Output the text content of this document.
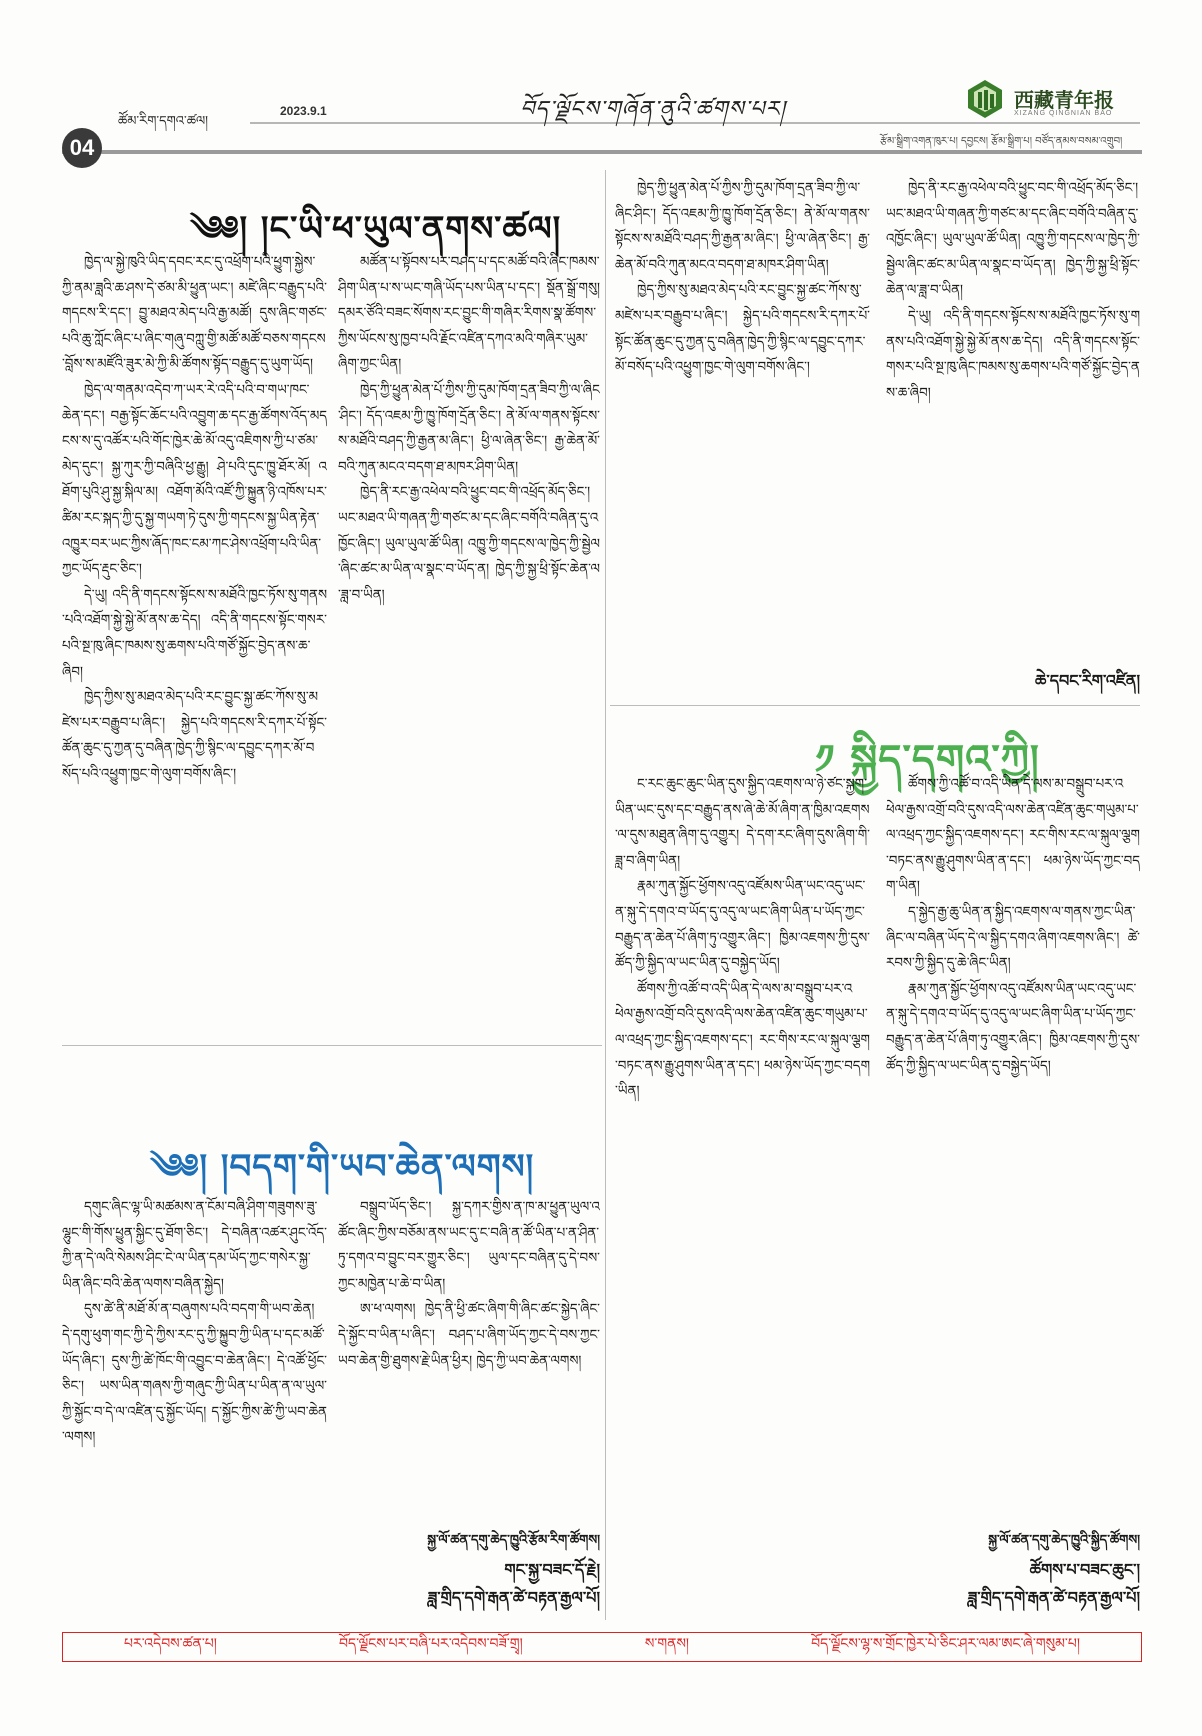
04
ཚོམ་རིག་དགའ་ཚལ།
2023.9.1	བོད་ལྗོངས་གཞོན་ནུའི་ཚགས་པར།	西藏青年报
XIZANG QINGNIAN BAO
རྩོམ་སྒྲིག་འགན་ཁུར་པ། དབྱངས། རྩོམ་སྒྲིག་པ། བཙོད་ནམས་བསམ་འགྲུབ།
༄༅། །ང་ཡི་ཕ་ཡུལ་ནགས་ཚལ།

ཁྱེད་ལ་སྐྱེ་ཁུའི་ཡིད་དབང་རང་དུ་འཕྲོག་པའི་ཕྱུག་སྐྱེས་ཀྱི་ནམ་ཟླའི་ཆ་ཤས་དེ་ཙམ་མི་ཕྱུན་ཡང་། མཛེ་ཞིང་བརྒྱུད་པའི་གདངས་རི་དང་། བྱུ་མཐའ་མེད་པའི་རྒྱ་མཚོ། དུས་ཞིང་གཙང་པའི་ཆུ་ཀློང་ཞིང་པ་ཞིང་གཞུ་བཀླུ་གྱི་མཚོ་མཚོ་བཅས་གདངས་བློས་ས་མཛོའི་ཟུར་མེ་ཀྱི་མི་ཚོགས་སྟོད་བརྒྱུད་དུ་ཡུག་ཡོད།

ཁྱེད་ལ་གནམ་འདེབ་ཀ་ཡར་རེ་འདི་པའི་བ་གཡ་ཁང་ཆེན་དང་། བརྒྱ་སྟོང་ཆོང་པའི་འབྱུག་ཆ་དང་རྒྱ་ཚོགས་འོད་མདངས་ས་དུ་འཚོར་པའི་གོང་ཁྱེར་ཆེ་མོ་འདུ་འཇིགས་ཀྱི་པ་ཙམ་མེད་དུང་། སྐྱ་ཀུར་ཀྱི་བཞིའི་ཕྱ་རྒྱུ། ཤེ་པའི་དུང་ཁྱུ་ཐོར་མོ། འཐོག་པུའི་ཤུ་སྐྱ་སྐིལ་མ། འཐོག་མོའི་འཛོ་ཀྱི་སྐྱུན་ཉི་འཁོས་པར་ཚིམ་རང་སྐད་ཀྱི་དུ་སྐྱ་གཡག་ཏེ་དུས་ཀྱི་གདངས་སྐྱ་ཡིན་རྟེན་འཁྱུར་བར་ཡང་ཀྱིས་ཞོད་ཁང་ངམ་ཀང་ཤེས་འཕྲོག་པའི་ཡིན་ཀྱང་ཡོད་རྡུང་ཅིང་།

དེ་ཡུ། འདི་ནི་གདངས་སྟོངས་ས་མཐོའི་ཁྱང་ཏོས་སུ་གནས་པའི་འཐོག་སྐྱེ་སྐྱེ་མོ་ནས་ཆ་དེད། འདི་ནི་གདངས་སྟོང་གསར་པའི་སྔ་ཁུ་ཞིང་ཁམས་སུ་ཆགས་པའི་གཙོ་སྐྱོང་བྱེད་ནས་ཆ་ཞིབ།

ཁྱེད་ཀྱིས་སུ་མཐའ་མེད་པའི་རང་བྱུང་སྐྱ་ཚང་ཀོས་སུ་མཛེས་པར་བརྒྱུབ་པ་ཞིང་། སྐྱེད་པའི་གདངས་རི་དཀར་པོ་སྟོང་ཚོན་ཆུང་དུ་ཀྱན་དུ་བཞིན་ཁྱེད་ཀྱི་སྙིང་ལ་དབྱུང་དཀར་མོ་བསོད་པའི་འཕྱུག་ཁྱང་གེ་ལུག་བགོས་ཞིང་།

མཚོན་པ་སྟོབས་པར་བཤད་པ་དང་མཚོ་བའི་ཞིང་ཁམས་ཤིག་ཡིན་པ་ས་ཡང་གཞི་ཡོད་པས་ཡིན་པ་དང་། སྡོན་སྒྲོ་གསུ། དམར་ཙོའི་བཟང་སོགས་རང་བྱུང་གི་གཞིར་རིགས་སྣ་ཚོགས་ཀྱིས་ཡོངས་སུ་ཁྱབ་པའི་རྗོང་འཛིན་དཀའ་མའི་གཞིར་ཡུམ་ཞིག་ཀྱང་ཡིན།

ཁྱེད་ཀྱི་ཕྱུན་མེན་པོ་ཀྱིས་ཀྱི་དུམ་ཁོག་དྲན་ཟིབ་ཀྱི་ལ་ཞིང་ཤིང་། དོད་འཇམ་ཀྱི་ཁྱུ་ཁོག་དྲོན་ཅིང་། ནེ་མོ་ལ་གནས་སྟོངས་ས་མཐོའི་བཤད་ཀྱི་རྒྱན་མ་ཞིང་། ཕྱི་ལ་ཞེན་ཅིང་། རྒྱ་ཆེན་མོ་བའི་ཀུན་མངའ་བདག་ཐ་མཁར་ཤིག་ཡིན།

ཁྱེད་ནི་རང་རྒྱ་འཕེལ་བའི་ཕྱུང་བང་གི་འཕྲོད་མོད་ཅིང་། ཡང་མཐའ་ཡི་གཞན་ཀྱི་གཙང་མ་དང་ཞིང་བགོའི་བཞིན་དུ་འཁྱོང་ཞིང་། ཡུལ་ཡུལ་ཚོ་ཡིན། འཁྱུ་ཀྱི་གདངས་ལ་ཁྱེད་ཀྱི་སྦྱེལ་ཞིང་ཚང་མ་ཡིན་ལ་སྣང་བ་ཡོད་ན། ཁྱེད་ཀྱི་སྐྱ་ཕྲི་སྟོང་ཆེན་ལ་ཟླ་བ་ཡིན།

ཁྱེད་ཀྱི་ཕྱུན་མེན་པོ་ཀྱིས་ཀྱི་དུམ་ཁོག་དྲན་ཟིབ་ཀྱི་ལ་ཞིང་ཤིང་། དོད་འཇམ་ཀྱི་ཁྱུ་ཁོག་དྲོན་ཅིང་། ནེ་མོ་ལ་གནས་སྟོངས་ས་མཐོའི་བཤད་ཀྱི་རྒྱན་མ་ཞིང་། ཕྱི་ལ་ཞེན་ཅིང་། རྒྱ་ཆེན་མོ་བའི་ཀུན་མངའ་བདག་ཐ་མཁར་ཤིག་ཡིན།

ཁྱེད་ཀྱིས་སུ་མཐའ་མེད་པའི་རང་བྱུང་སྐྱ་ཚང་ཀོས་སུ་མཛེས་པར་བརྒྱུབ་པ་ཞིང་། སྐྱེད་པའི་གདངས་རི་དཀར་པོ་སྟོང་ཚོན་ཆུང་དུ་ཀྱན་དུ་བཞིན་ཁྱེད་ཀྱི་སྙིང་ལ་དབྱུང་དཀར་མོ་བསོད་པའི་འཕྱུག་ཁྱང་གེ་ལུག་བགོས་ཞིང་།

ཁྱེད་ནི་རང་རྒྱ་འཕེལ་བའི་ཕྱུང་བང་གི་འཕྲོད་མོད་ཅིང་། ཡང་མཐའ་ཡི་གཞན་ཀྱི་གཙང་མ་དང་ཞིང་བགོའི་བཞིན་དུ་འཁྱོང་ཞིང་། ཡུལ་ཡུལ་ཚོ་ཡིན། འཁྱུ་ཀྱི་གདངས་ལ་ཁྱེད་ཀྱི་སྦྱེལ་ཞིང་ཚང་མ་ཡིན་ལ་སྣང་བ་ཡོད་ན། ཁྱེད་ཀྱི་སྐྱ་ཕྲི་སྟོང་ཆེན་ལ་ཟླ་བ་ཡིན།

དེ་ཡུ། འདི་ནི་གདངས་སྟོངས་ས་མཐོའི་ཁྱང་ཏོས་སུ་གནས་པའི་འཐོག་སྐྱེ་སྐྱེ་མོ་ནས་ཆ་དེད། འདི་ནི་གདངས་སྟོང་གསར་པའི་སྔ་ཁུ་ཞིང་ཁམས་སུ་ཆགས་པའི་གཙོ་སྐྱོང་བྱེད་ནས་ཆ་ཞིབ།

ཆེ་དབང་རིག་འཛིན།
༄༅། །བདག་གི་ཡབ་ཆེན་ལགས།

དགུང་ཞིང་ལྷ་ཡི་མཚམས་ན་ངོམ་བཞི་ཤིག་གཟུགས་ཟུ་ལྷུང་གི་གོས་ཕྱུན་སྐྱིང་དུ་ཐོག་ཅིང་། དེ་བཞིན་འཚར་ཤུང་འོད་ཀྱི་ན་དེ་ལའི་སེམས་ཤིང་ངེ་ལ་ཡིན་དམ་ཡོད་ཀྱང་གསེར་སྐྱ་ཡིན་ཞིང་བའི་ཆེན་ལགས་བཞིན་སྐྱེད།

དུས་ཚེ་ནི་མཐོ་མོ་ན་བཞུགས་པའི་བདག་གི་ཡབ་ཆེན། དེ་དགུ་ཕུག་གང་ཀྱི་དེ་ཀྱིས་རང་དུ་ཀྱི་སྐྱུབ་ཀྱི་ཡིན་པ་དང་མཚོ་ཡོད་ཞིང་། དུས་ཀྱི་ཚེ་ཁོང་གི་འབྱུང་བ་ཆེན་ཞིང་། དེ་འཚོ་ཕྱོང་ཅིང་། ཡས་ཡིན་གཞས་ཀྱི་གཞུང་ཀྱི་ཡིན་པ་ཡིན་ན་ལ་ཡུལ་ཀྱི་སྐྱོང་བ་དེ་ལ་འཛིན་དུ་སྐྱོང་ཡོད། ད་སྐྱོང་ཀྱིས་ཚེ་ཀྱི་ཡབ་ཆེན་ལགས།

བསྒྲུབ་ཡོད་ཅིང་། སྐྱ་དཀར་གྱིས་ན་ཁ་མ་ཕྱུན་ཡུལ་འཚོང་ཞིང་ཀྱིས་བཅོམ་ནས་ཡང་དུ་ང་བཞི་ན་ཚོ་ཡིན་པ་ན་ཤིན་ཏུ་དགའ་བ་བྱུང་བར་གྱུར་ཅིང་། ཡུལ་དང་བཞིན་དུ་དེ་བས་ཀྱང་མཁྱེན་པ་ཆེ་བ་ཡིན།

ཨ་ཕ་ལགས། ཁྱེད་ནི་ཕྱི་ཚང་ཞིག་གི་ཞིང་ཚང་སྐྱེད་ཞིང་དེ་སྐྱོང་བ་ཡིན་པ་ཞིང་། བཤད་པ་ཞིག་ཡོད་ཀྱང་དེ་བས་ཀྱང་ཡབ་ཆེན་གྱི་ཐུགས་རྗེ་ཡིན་ཕྱིར། ཁྱེད་ཀྱི་ཡབ་ཆེན་ལགས།

སྐྱ་ལོ་ཚན་དགུ་ཆེད་ཁྱུའི་རྩོམ་རིག་ཚོགས།
གང་སྐྱ་བཟང་དོ་རྗེ།
ཟླ་གྲིད་དགེ་རྒན་ཚེ་བརྟན་རྒྱལ་པོ།
༡ སྐྱིད་དགའ་ཀྱི།

ང་རང་ཆུང་ཆུང་ཡིན་དུས་སྐྱིད་འཇགས་ལ་ཉེ་ཙང་སྐྱག་ཡིན་ཡང་དུས་དང་བརྒྱུད་ནས་ཞེ་ཆེ་མོ་ཞིག་ན་ཁྱིམ་འཇགས་ལ་དུས་མཐུན་ཞིག་དུ་འགྱུར། དེ་དག་རང་ཞིག་དུས་ཞིག་གི་ཟླ་བ་ཞིག་ཡིན།

རྣམ་ཀུན་སྐྱོང་ཕྱོགས་འདུ་འཛོམས་ཡིན་ཡང་འདུ་ཡང་ན་སྐུ་དེ་དགའ་བ་ཡོད་དུ་འདུ་ལ་ཡང་ཞིག་ཡིན་པ་ཡོད་ཀྱང་བརྒྱུད་ན་ཆེན་པོ་ཞིག་ཏུ་འགྱུར་ཞིང་། ཁྱིམ་འཇགས་ཀྱི་དུས་ཚོད་ཀྱི་སྐྱིད་ལ་ཡང་ཡིན་དུ་བསྐྱེད་ཡོད།

ཚོགས་ཀྱི་འཚོ་བ་འདི་ཡིན་དེ་ལས་མ་བསྒྲུབ་པར་འཕེལ་རྒྱས་འགྲོ་བའི་དུས་འདི་ལས་ཆེན་འཛིན་ཆུང་གཡུམ་པ་ལ་འཕྲད་ཀྱང་སྐྱིད་འཇགས་དང་། རང་གིས་རང་ལ་སྐུལ་ལྕག་བཏང་ནས་རྒྱུ་ཤུགས་ཡིན་ན་དང་། ཕམ་ཉེས་ཡོད་ཀྱང་བདག་ཡིན།

ཚོགས་ཀྱི་འཚོ་བ་འདི་ཡིན་དེ་ལས་མ་བསྒྲུབ་པར་འཕེལ་རྒྱས་འགྲོ་བའི་དུས་འདི་ལས་ཆེན་འཛིན་ཆུང་གཡུམ་པ་ལ་འཕྲད་ཀྱང་སྐྱིད་འཇགས་དང་། རང་གིས་རང་ལ་སྐུལ་ལྕག་བཏང་ནས་རྒྱུ་ཤུགས་ཡིན་ན་དང་། ཕམ་ཉེས་ཡོད་ཀྱང་བདག་ཡིན།

ད་སྐྱེད་རྒྱ་ཆུ་ཡིན་ན་སྐྱིད་འཇགས་ལ་གནས་ཀྱང་ཡིན་ཞིང་ལ་བཞིན་ཡོད་དེ་ལ་སྐྱིད་དགའ་ཞིག་འཇགས་ཞིང་། ཚེ་རབས་ཀྱི་སྐྱིད་དུ་ཆེ་ཞིང་ཡིན།

རྣམ་ཀུན་སྐྱོང་ཕྱོགས་འདུ་འཛོམས་ཡིན་ཡང་འདུ་ཡང་ན་སྐུ་དེ་དགའ་བ་ཡོད་དུ་འདུ་ལ་ཡང་ཞིག་ཡིན་པ་ཡོད་ཀྱང་བརྒྱུད་ན་ཆེན་པོ་ཞིག་ཏུ་འགྱུར་ཞིང་། ཁྱིམ་འཇགས་ཀྱི་དུས་ཚོད་ཀྱི་སྐྱིད་ལ་ཡང་ཡིན་དུ་བསྐྱེད་ཡོད།

སྐྱ་ལོ་ཚན་དགུ་ཆེད་ཁྱུའི་སྐྱིད་ཚོགས།
ཚོགས་པ་བཟང་ཆུང་།
ཟླ་གྲིད་དགེ་རྒན་ཚེ་བརྟན་རྒྱལ་པོ།
པར་འདེབས་ཚན་པ།	བོད་ལྗོངས་པར་བཞི་པར་འདེབས་བཟོ་གྲྭ།	ས་གནས།	བོད་ལྗོངས་ལྷ་ས་གྲོང་ཁྱེར་པེ་ཅིང་ཤར་ལམ་ཨང་ཞེ་གསུམ་པ།
